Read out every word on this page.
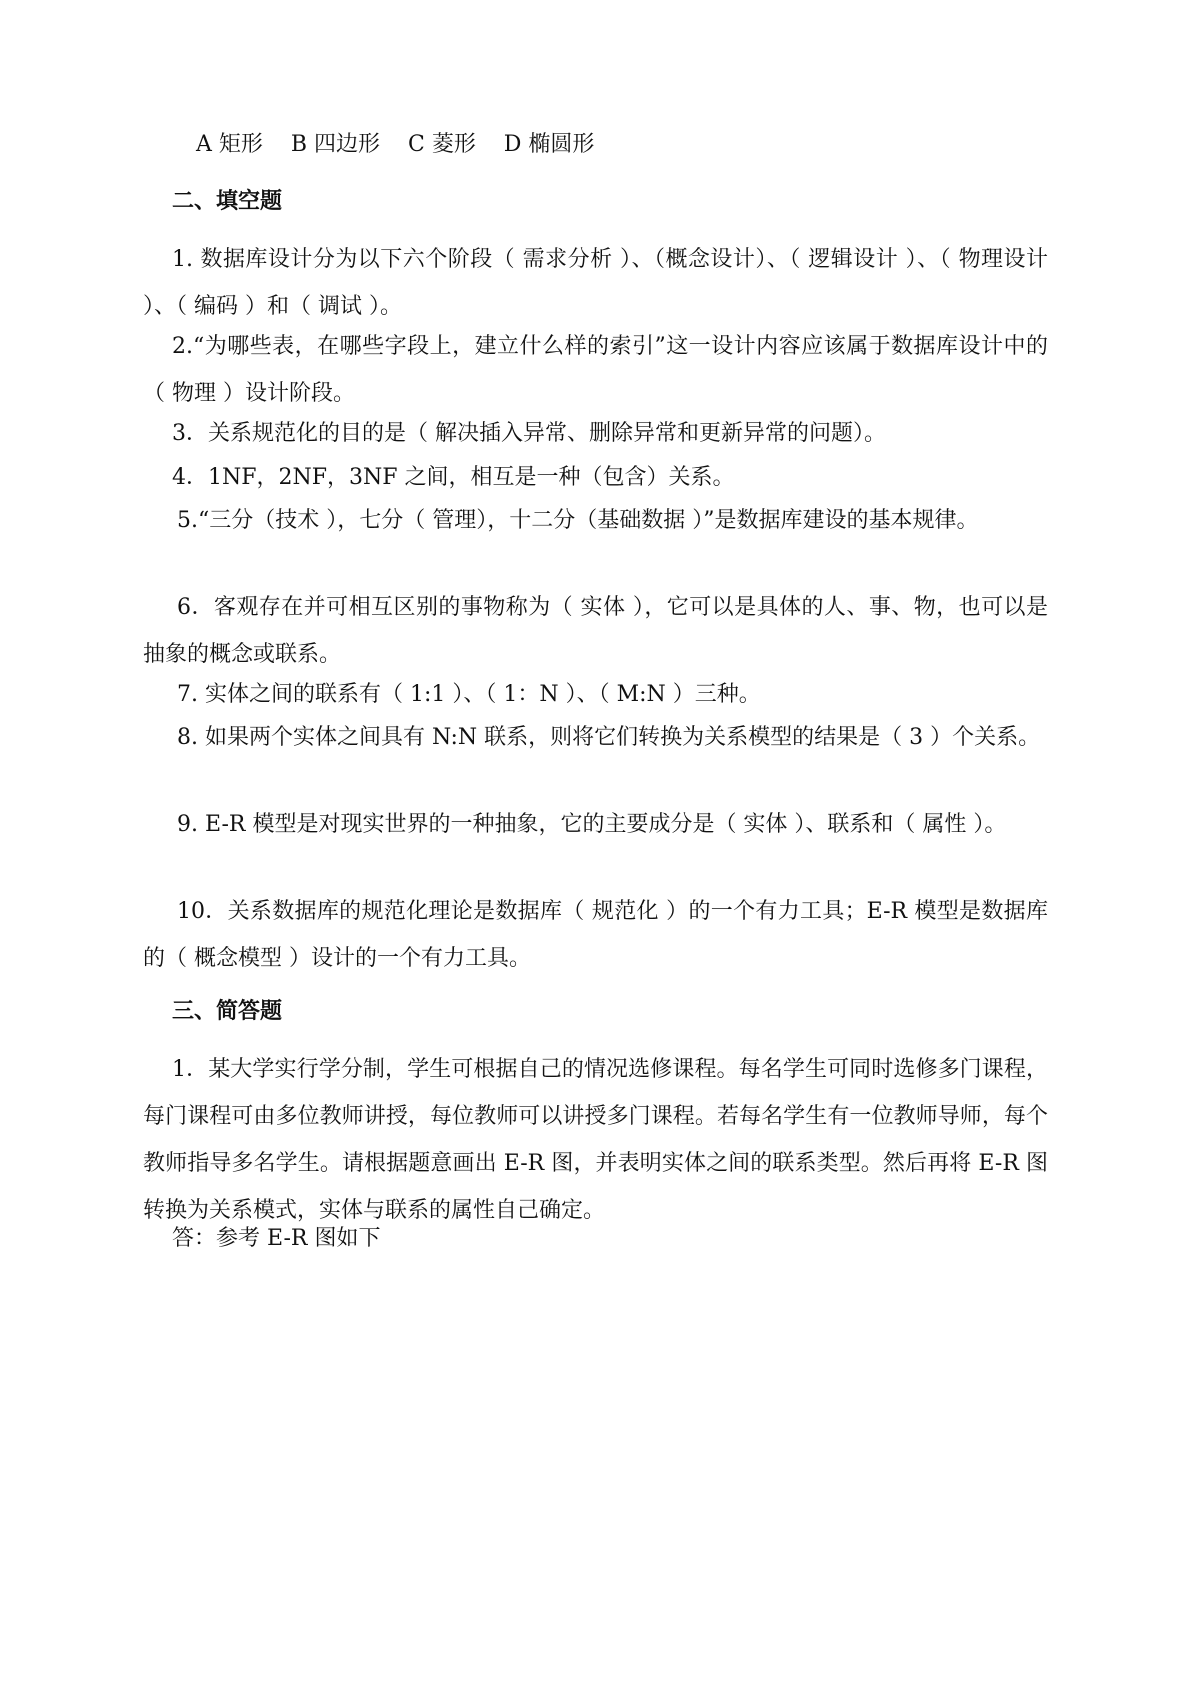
A 矩形    B 四边形    C 菱形    D 椭圆形
二、填空题
1. 数据库设计分为以下六个阶段（ 需求分析 ）、（概念设计）、（ 逻辑设计 ）、（ 物理设计 ）、（ 编码 ）和（ 调试 ）。
2.“为哪些表，在哪些字段上，建立什么样的索引”这一设计内容应该属于数据库设计中的（ 物理 ）设计阶段。
3．关系规范化的目的是（ 解决插入异常、删除异常和更新异常的问题）。
4．1NF，2NF，3NF 之间，相互是一种（包含）关系。
5.“三分（技术 ），七分（ 管理），十二分（基础数据 ）”是数据库建设的基本规律。
6．客观存在并可相互区别的事物称为（ 实体 ），它可以是具体的人、事、物，也可以是抽象的概念或联系。
7. 实体之间的联系有（ 1:1 ）、（ 1：N ）、（ M:N ）三种。
8. 如果两个实体之间具有 N:N 联系，则将它们转换为关系模型的结果是（ 3 ）个关系。
9. E-R 模型是对现实世界的一种抽象，它的主要成分是（ 实体 ）、联系和（ 属性 ）。
10．关系数据库的规范化理论是数据库（ 规范化 ）的一个有力工具；E-R 模型是数据库的（ 概念模型 ）设计的一个有力工具。
三、简答题
1．某大学实行学分制，学生可根据自己的情况选修课程。每名学生可同时选修多门课程，每门课程可由多位教师讲授，每位教师可以讲授多门课程。若每名学生有一位教师导师，每个教师指导多名学生。请根据题意画出 E-R 图，并表明实体之间的联系类型。然后再将 E-R 图转换为关系模式，实体与联系的属性自己确定。
答：参考 E-R 图如下
